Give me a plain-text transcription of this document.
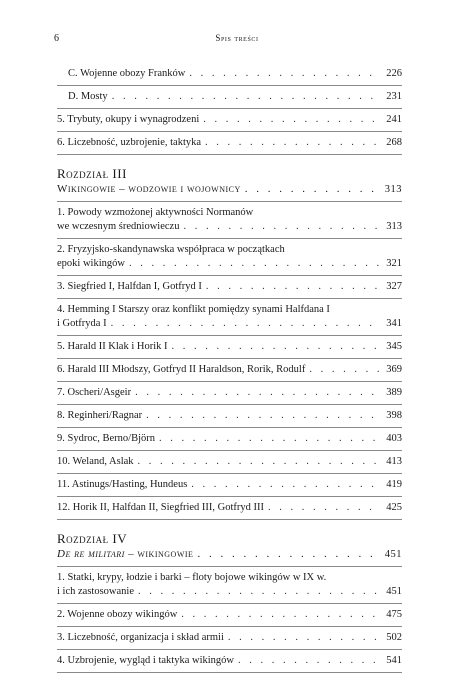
6	Spis treści
C. Wojenne obozy Franków . . .	226
D. Mosty . . .	231
5. Trybuty, okupy i wynagrodzeni . . .	241
6. Liczebność, uzbrojenie, taktyka . . .	268
Rozdział III
Wikingowie – wodzowie i wojownicy . . .	313
1. Powody wzmożonej aktywności Normanów
we wczesnym średniowieczu . . .	313
2. Fryzyjsko-skandynawska współpraca w początkach
epoki wikingów . . .	321
3. Siegfried I, Halfdan I, Gotfryd I . . .	327
4. Hemming I Starszy oraz konflikt pomiędzy synami Halfdana I
i Gotfryda I . . .	341
5. Harald II Klak i Horik I . . .	345
6. Harald III Młodszy, Gotfryd II Haraldson, Rorik, Rodulf . . .	369
7. Oscheri/Asgeir . . .	389
8. Reginheri/Ragnar . . .	398
9. Sydroc, Berno/Björn . . .	403
10. Weland, Aslak . . .	413
11. Astinugs/Hasting, Hundeus . . .	419
12. Horik II, Halfdan II, Siegfried III, Gotfryd III . . .	425
Rozdział IV
De re militari – wikingowie . . .	451
1. Statki, krypy, łodzie i barki – floty bojowe wikingów w IX w.
i ich zastosowanie . . .	451
2. Wojenne obozy wikingów . . .	475
3. Liczebność, organizacja i skład armii . . .	502
4. Uzbrojenie, wygląd i taktyka wikingów . . .	541
